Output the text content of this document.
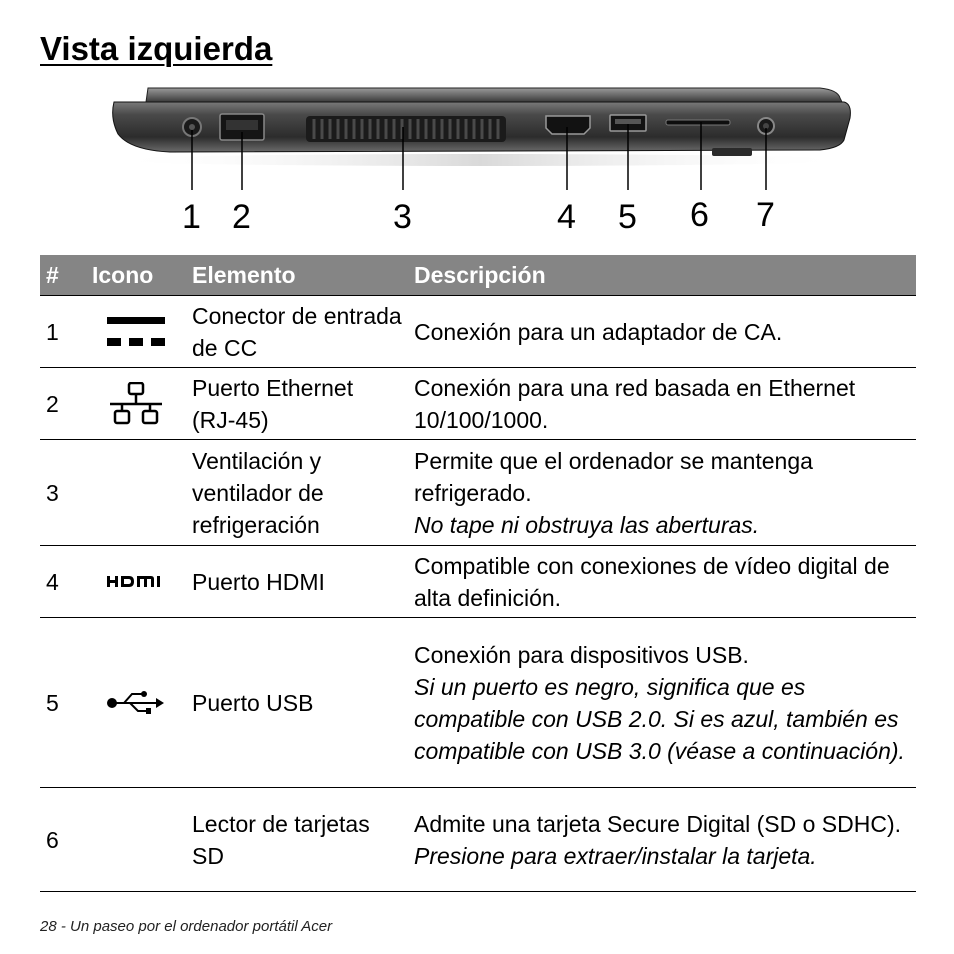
Vista izquierda
1 2	3	4 5 6 7
#	Icono	Elemento	Descripción
1		Conector de entrada de CC	Conexión para un adaptador de CA.

2		Puerto Ethernet (RJ-45)	Conexión para una red basada en Ethernet 10/100/1000.

3		Ventilación y ventilador de refrigeración	Permite que el ordenador se mantenga refrigerado.
No tape ni obstruya las aberturas.

4		Puerto HDMI	Compatible con conexiones de vídeo digital de alta definición.

5		Puerto USB	Conexión para dispositivos USB.
Si un puerto es negro, significa que es compatible con USB 2.0. Si es azul, también es compatible con USB 3.0 (véase a continuación).

6		Lector de tarjetas SD	Admite una tarjeta Secure Digital (SD o SDHC).
Presione para extraer/instalar la tarjeta.
28 - Un paseo por el ordenador portátil Acer
